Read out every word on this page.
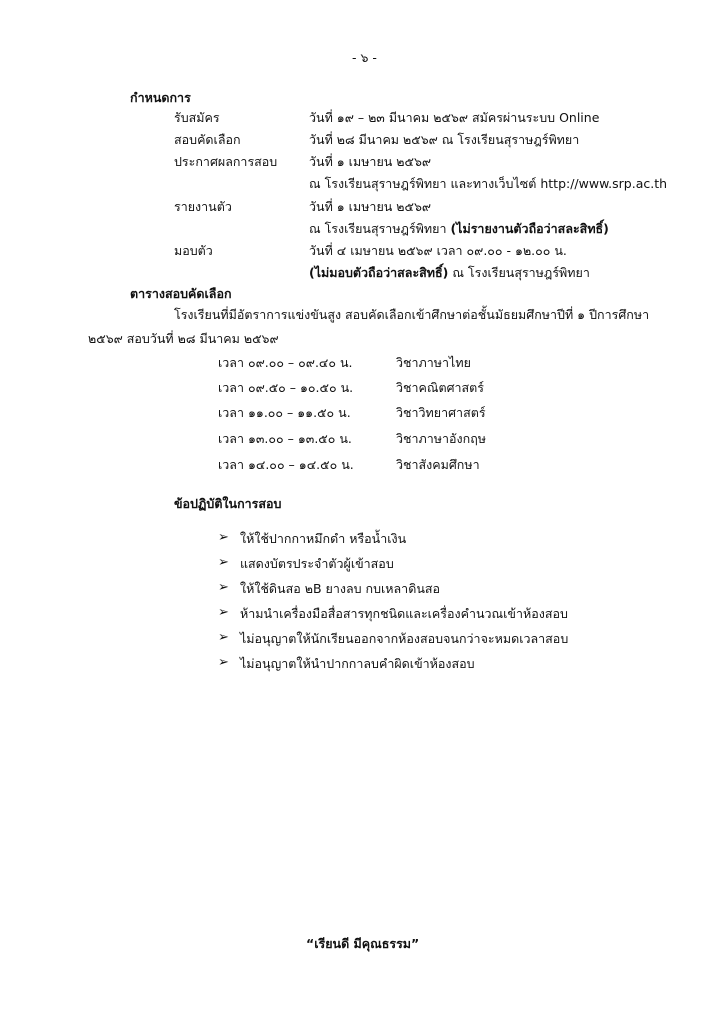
- ๖ -
กำหนดการ
รับสมัคร	วันที่ ๑๙ – ๒๓ มีนาคม ๒๕๖๙ สมัครผ่านระบบ Online
สอบคัดเลือก	วันที่ ๒๘ มีนาคม ๒๕๖๙ ณ โรงเรียนสุราษฎร์พิทยา
ประกาศผลการสอบ	วันที่ ๑ เมษายน ๒๕๖๙
ณ โรงเรียนสุราษฎร์พิทยา และทางเว็บไซต์ http://www.srp.ac.th
รายงานตัว	วันที่ ๑ เมษายน ๒๕๖๙
ณ โรงเรียนสุราษฎร์พิทยา (ไม่รายงานตัวถือว่าสละสิทธิ์)
มอบตัว	วันที่ ๔ เมษายน ๒๕๖๙ เวลา ๐๙.๐๐ - ๑๒.๐๐ น.
(ไม่มอบตัวถือว่าสละสิทธิ์) ณ โรงเรียนสุราษฎร์พิทยา
ตารางสอบคัดเลือก
โรงเรียนที่มีอัตราการแข่งขันสูง สอบคัดเลือกเข้าศึกษาต่อชั้นมัธยมศึกษาปีที่ ๑ ปีการศึกษา
๒๕๖๙ สอบวันที่ ๒๘ มีนาคม ๒๕๖๙
เวลา ๐๙.๐๐ – ๐๙.๔๐ น.	วิชาภาษาไทย
เวลา ๐๙.๕๐ – ๑๐.๕๐ น.	วิชาคณิตศาสตร์
เวลา ๑๑.๐๐ – ๑๑.๕๐ น.	วิชาวิทยาศาสตร์
เวลา ๑๓.๐๐ – ๑๓.๕๐ น.	วิชาภาษาอังกฤษ
เวลา ๑๔.๐๐ – ๑๔.๕๐ น.	วิชาสังคมศึกษา
ข้อปฏิบัติในการสอบ
➢ ให้ใช้ปากกาหมึกดำ หรือน้ำเงิน
➢ แสดงบัตรประจำตัวผู้เข้าสอบ
➢ ให้ใช้ดินสอ ๒B ยางลบ กบเหลาดินสอ
➢ ห้ามนำเครื่องมือสื่อสารทุกชนิดและเครื่องคำนวณเข้าห้องสอบ
➢ ไม่อนุญาตให้นักเรียนออกจากห้องสอบจนกว่าจะหมดเวลาสอบ
➢ ไม่อนุญาตให้นำปากกาลบคำผิดเข้าห้องสอบ
“เรียนดี มีคุณธรรม”
